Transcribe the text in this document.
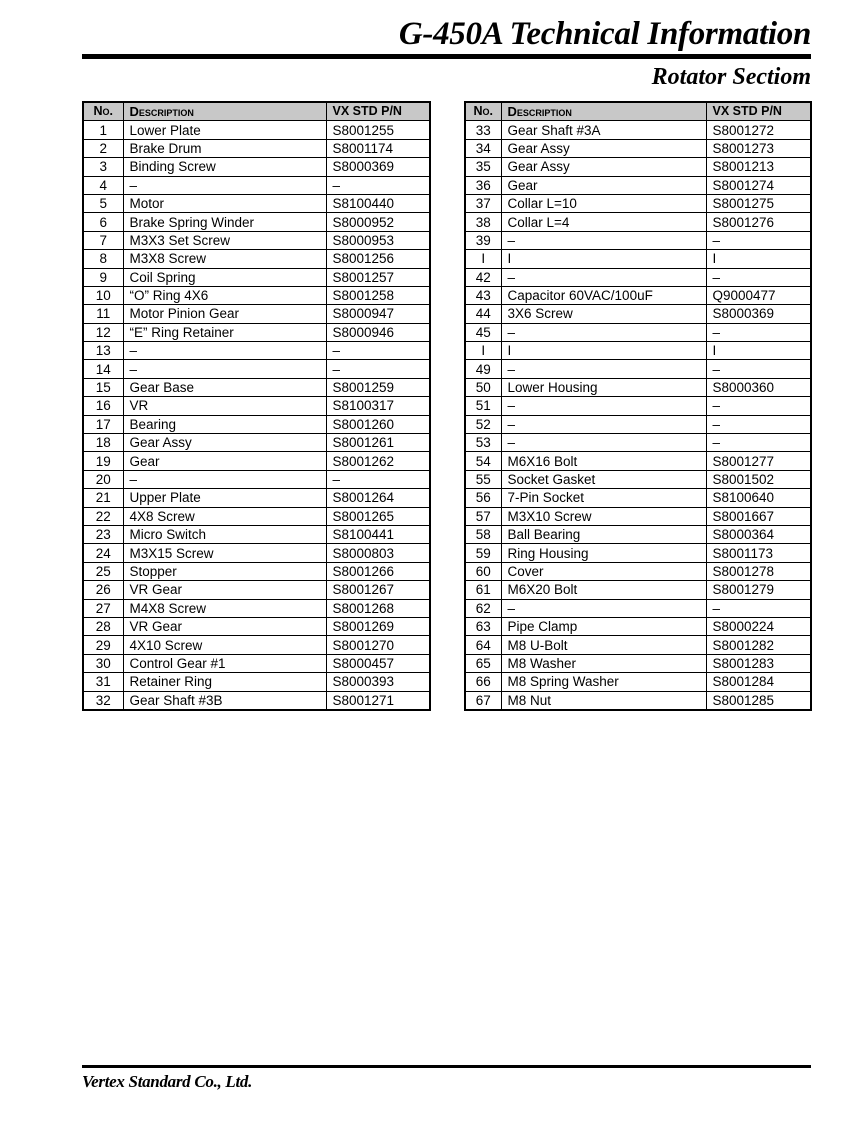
G-450A Technical Information
Rotator Sectiom
No.	Description	VX STD P/N
1	Lower Plate	S8001255
2	Brake Drum	S8001174
3	Binding Screw	S8000369
4	–	–
5	Motor	S8100440
6	Brake Spring Winder	S8000952
7	M3X3 Set Screw	S8000953
8	M3X8 Screw	S8001256
9	Coil Spring	S8001257
10	“O” Ring 4X6	S8001258
11	Motor Pinion Gear	S8000947
12	“E” Ring Retainer	S8000946
13	–	–
14	–	–
15	Gear Base	S8001259
16	VR	S8100317
17	Bearing	S8001260
18	Gear Assy	S8001261
19	Gear	S8001262
20	–	–
21	Upper Plate	S8001264
22	4X8 Screw	S8001265
23	Micro Switch	S8100441
24	M3X15 Screw	S8000803
25	Stopper	S8001266
26	VR Gear	S8001267
27	M4X8 Screw	S8001268
28	VR Gear	S8001269
29	4X10 Screw	S8001270
30	Control Gear #1	S8000457
31	Retainer Ring	S8000393
32	Gear Shaft #3B	S8001271
No.	Description	VX STD P/N
33	Gear Shaft #3A	S8001272
34	Gear Assy	S8001273
35	Gear Assy	S8001213
36	Gear	S8001274
37	Collar L=10	S8001275
38	Collar L=4	S8001276
39	–	–
I	I	I
42	–	–
43	Capacitor 60VAC/100uF	Q9000477
44	3X6 Screw	S8000369
45	–	–
I	I	I
49	–	–
50	Lower Housing	S8000360
51	–	–
52	–	–
53	–	–
54	M6X16 Bolt	S8001277
55	Socket Gasket	S8001502
56	7-Pin Socket	S8100640
57	M3X10 Screw	S8001667
58	Ball Bearing	S8000364
59	Ring Housing	S8001173
60	Cover	S8001278
61	M6X20 Bolt	S8001279
62	–	–
63	Pipe Clamp	S8000224
64	M8 U-Bolt	S8001282
65	M8 Washer	S8001283
66	M8 Spring Washer	S8001284
67	M8 Nut	S8001285
Vertex Standard Co., Ltd.
